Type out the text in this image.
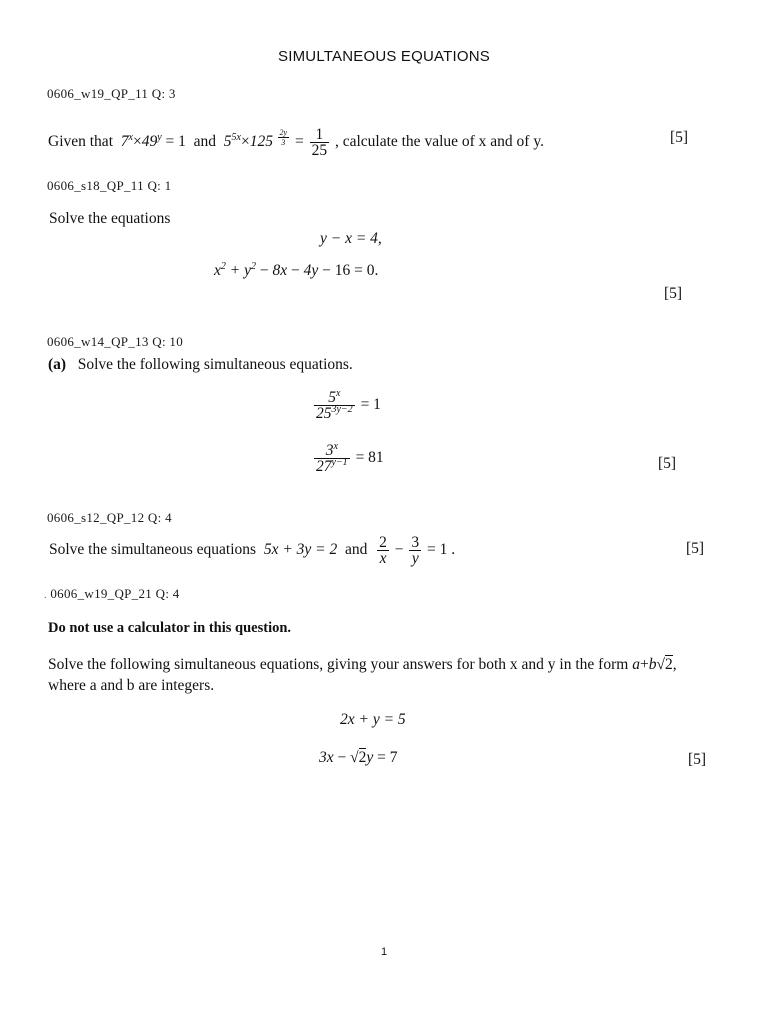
SIMULTANEOUS EQUATIONS
0606_w19_QP_11 Q: 3
Given that $7^x\times 49^y = 1$ and $5^{5x}\times 125$ $^{\frac{2y}{3}} = \frac{1}{25}$ , calculate the value of x and of y.	[5]
0606_s18_QP_11 Q: 1
Solve the equations
y − x = 4,
$x^2 + y^2 - 8x - 4y - 16 = 0$.
[5]
0606_w14_QP_13 Q: 10
(a) Solve the following simultaneous equations.
$\frac{5^x}{25^{3y-2}} = 1$
$\frac{3^x}{27^{y-1}} = 81$	[5]
0606_s12_QP_12 Q: 4
Solve the simultaneous equations 5x + 3y = 2 and $\frac{2}{x} - \frac{3}{y} = 1$ .	[5]
. 0606_w19_QP_21 Q: 4
Do not use a calculator in this question.
Solve the following simultaneous equations, giving your answers for both x and y in the form a+b√2,
where a and b are integers.
2x + y = 5
3x − √2y = 7	[5]
1
